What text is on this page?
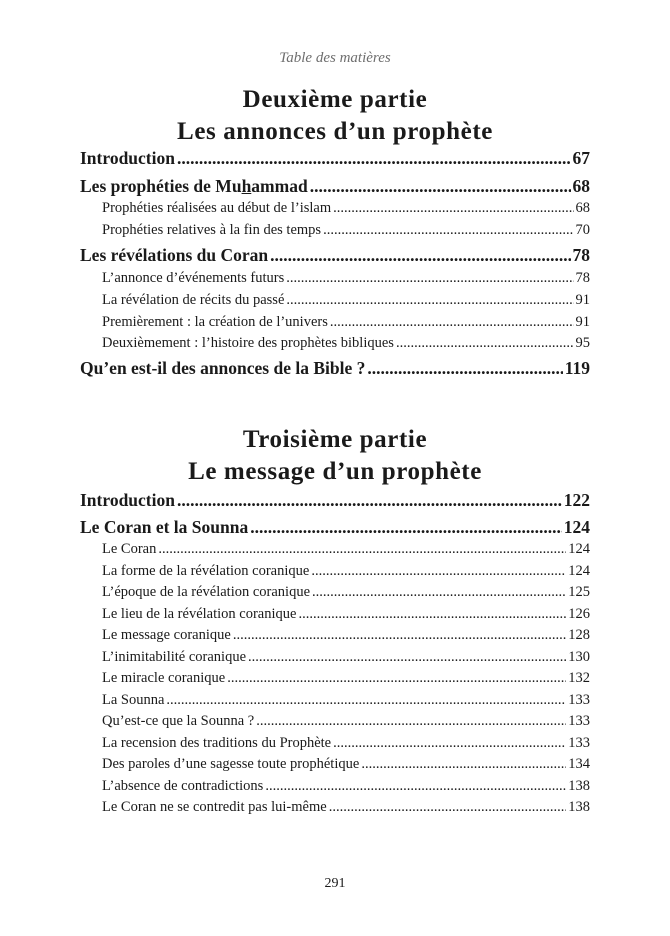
Table des matières
Deuxième partie
Les annonces d’un prophète
Introduction .....	67
Les prophéties de Muhammad .....	68
Prophéties réalisées au début de l’islam .....	68
Prophéties relatives à la fin des temps .....	70
Les révélations du Coran .....	78
L’annonce d’événements futurs .....	78
La révélation de récits du passé .....	91
Premièrement : la création de l’univers .....	91
Deuxièmement : l’histoire des prophètes bibliques .....	95
Qu’en est-il des annonces de la Bible ? .....	119
Troisième partie
Le message d’un prophète
Introduction .....	122
Le Coran et la Sounna .....	124
Le Coran .....	124
La forme de la révélation coranique .....	124
L’époque de la révélation coranique .....	125
Le lieu de la révélation coranique .....	126
Le message coranique .....	128
L’inimitabilité coranique .....	130
Le miracle coranique .....	132
La Sounna .....	133
Qu’est-ce que la Sounna ? .....	133
La recension des traditions du Prophète .....	133
Des paroles d’une sagesse toute prophétique .....	134
L’absence de contradictions .....	138
Le Coran ne se contredit pas lui-même .....	138
291
